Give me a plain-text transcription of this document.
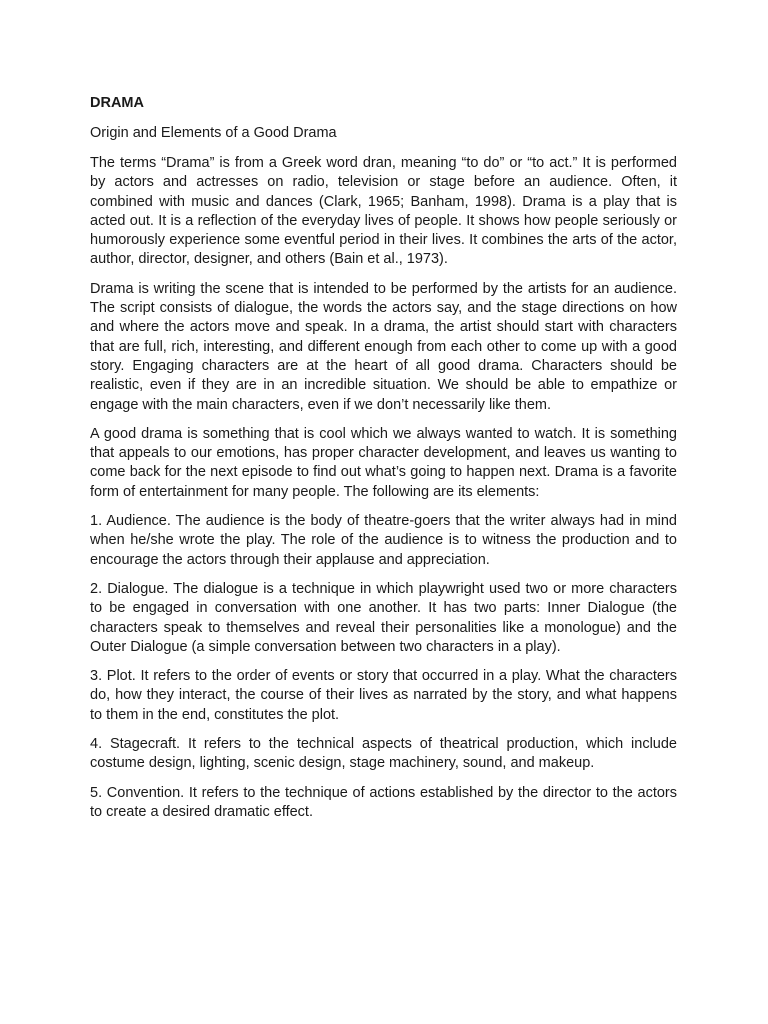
DRAMA
Origin and Elements of a Good Drama

The terms “Drama” is from a Greek word dran, meaning “to do” or “to act.” It is performed by actors and actresses on radio, television or stage before an audience. Often, it combined with music and dances (Clark, 1965; Banham, 1998). Drama is a play that is acted out. It is a reflection of the everyday lives of people. It shows how people seriously or humorously experience some eventful period in their lives. It combines the arts of the actor, author, director, designer, and others (Bain et al., 1973).

Drama is writing the scene that is intended to be performed by the artists for an audience. The script consists of dialogue, the words the actors say, and the stage directions on how and where the actors move and speak. In a drama, the artist should start with characters that are full, rich, interesting, and different enough from each other to come up with a good story. Engaging characters are at the heart of all good drama. Characters should be realistic, even if they are in an incredible situation. We should be able to empathize or engage with the main characters, even if we don’t necessarily like them.

A good drama is something that is cool which we always wanted to watch. It is something that appeals to our emotions, has proper character development, and leaves us wanting to come back for the next episode to find out what’s going to happen next. Drama is a favorite form of entertainment for many people. The following are its elements:

1. Audience. The audience is the body of theatre-goers that the writer always had in mind when he/she wrote the play. The role of the audience is to witness the production and to encourage the actors through their applause and appreciation.

2. Dialogue. The dialogue is a technique in which playwright used two or more characters to be engaged in conversation with one another. It has two parts: Inner Dialogue (the characters speak to themselves and reveal their personalities like a monologue) and the Outer Dialogue (a simple conversation between two characters in a play).

3. Plot. It refers to the order of events or story that occurred in a play. What the characters do, how they interact, the course of their lives as narrated by the story, and what happens to them in the end, constitutes the plot.

4. Stagecraft. It refers to the technical aspects of theatrical production, which include costume design, lighting, scenic design, stage machinery, sound, and makeup.

5. Convention. It refers to the technique of actions established by the director to the actors to create a desired dramatic effect.
